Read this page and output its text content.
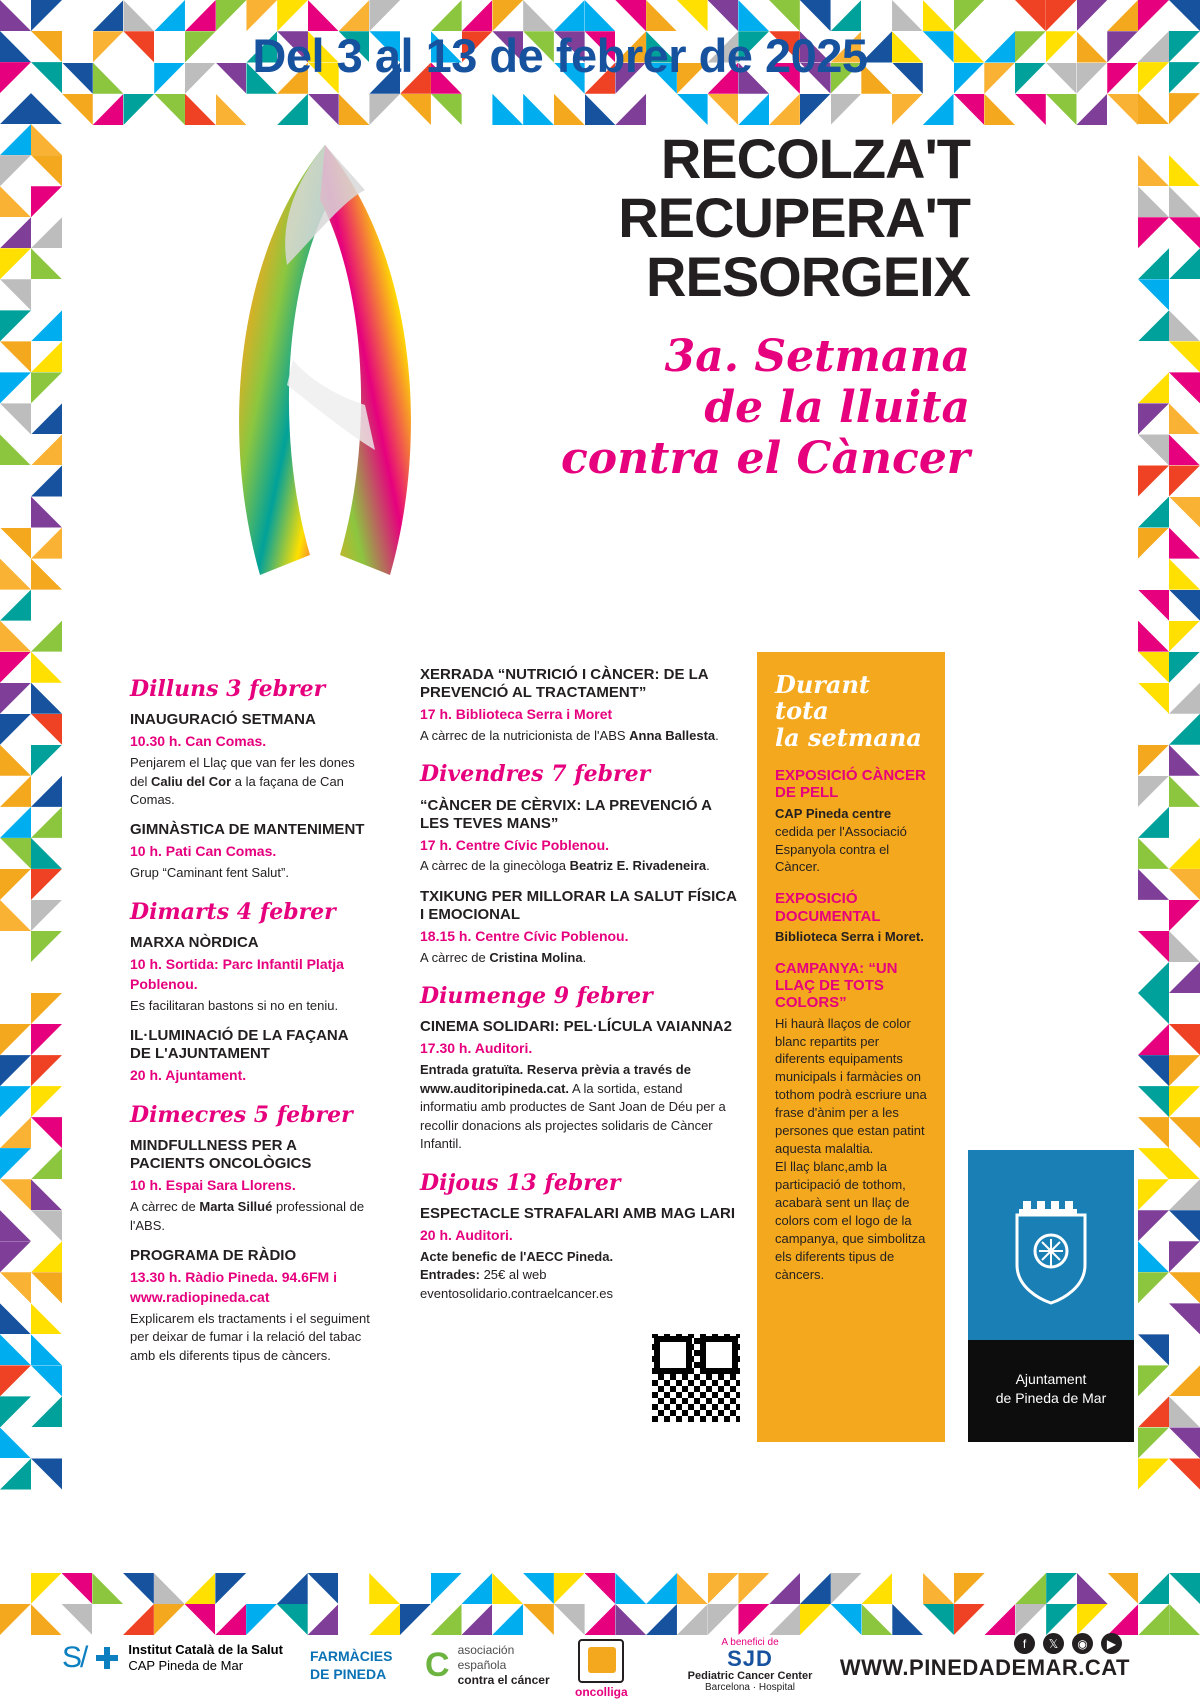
Del 3 al 13 de febrer de 2025
RECOLZA'T
RECUPERA'T
RESORGEIX
3a. Setmana
de la lluita
contra el Càncer
Dilluns 3 febrer
INAUGURACIÓ SETMANA
10.30 h. Can Comas.
Penjarem el Llaç que van fer les dones del Caliu del Cor a la façana de Can Comas.
GIMNÀSTICA DE MANTENIMENT
10 h. Pati Can Comas.
Grup “Caminant fent Salut”.
Dimarts 4 febrer
MARXA NÒRDICA
10 h. Sortida: Parc Infantil Platja Poblenou.
Es facilitaran bastons si no en teniu.
IL·LUMINACIÓ DE LA FAÇANA DE L'AJUNTAMENT
20 h. Ajuntament.
Dimecres 5 febrer
MINDFULLNESS PER A PACIENTS ONCOLÒGICS
10 h. Espai Sara Llorens.
A càrrec de Marta Sillué professional de l'ABS.
PROGRAMA DE RÀDIO
13.30 h. Ràdio Pineda. 94.6FM i www.radiopineda.cat
Explicarem els tractaments i el seguiment per deixar de fumar i la relació del tabac amb els diferents tipus de càncers.
XERRADA “NUTRICIÓ I CÀNCER: DE LA PREVENCIÓ AL TRACTAMENT”
17 h. Biblioteca Serra i Moret
A càrrec de la nutricionista de l'ABS Anna Ballesta.
Divendres 7 febrer
“CÀNCER DE CÈRVIX: LA PREVENCIÓ A LES TEVES MANS”
17 h. Centre Cívic Poblenou.
A càrrec de la ginecòloga Beatriz E. Rivadeneira.
TXIKUNG PER MILLORAR LA SALUT FÍSICA I EMOCIONAL
18.15 h. Centre Cívic Poblenou.
A càrrec de Cristina Molina.
Diumenge 9 febrer
CINEMA SOLIDARI: PEL·LÍCULA VAIANNA2
17.30 h. Auditori.
Entrada gratuïta. Reserva prèvia a través de www.auditoripineda.cat. A la sortida, estand informatiu amb productes de Sant Joan de Déu per a recollir donacions als projectes solidaris de Càncer Infantil.
Dijous 13 febrer
ESPECTACLE STRAFALARI AMB MAG LARI
20 h. Auditori.
Acte benefic de l'AECC Pineda.
Entrades: 25€ al web eventosolidario.contraelcancer.es
Durant tota
la setmana
EXPOSICIÓ CÀNCER DE PELL

CAP Pineda centre
cedida per l'Associació Espanyola contra el Càncer.

EXPOSICIÓ DOCUMENTAL

Biblioteca Serra i Moret.

CAMPANYA: “UN LLAÇ DE TOTS COLORS”

Hi haurà llaços de color blanc repartits per diferents equipaments municipals i farmàcies on tothom podrà escriure una frase d'ànim per a les persones que estan patint aquesta malaltia.
El llaç blanc,amb la participació de tothom, acabarà sent un llaç de colors com el logo de la campanya, que simbolitza els diferents tipus de càncers.

Ajuntament
de Pineda de Mar
S/	Institut Català de la Salut
CAP Pineda de Mar
FARMÀCIES
DE PINEDA C asociación
española
contra el cáncer
oncolliga
A benefici de
SJD
Pediatric Cancer Center
Barcelona · Hospital
f	𝕏	◉	▶
WWW.PINEDADEMAR.CAT
